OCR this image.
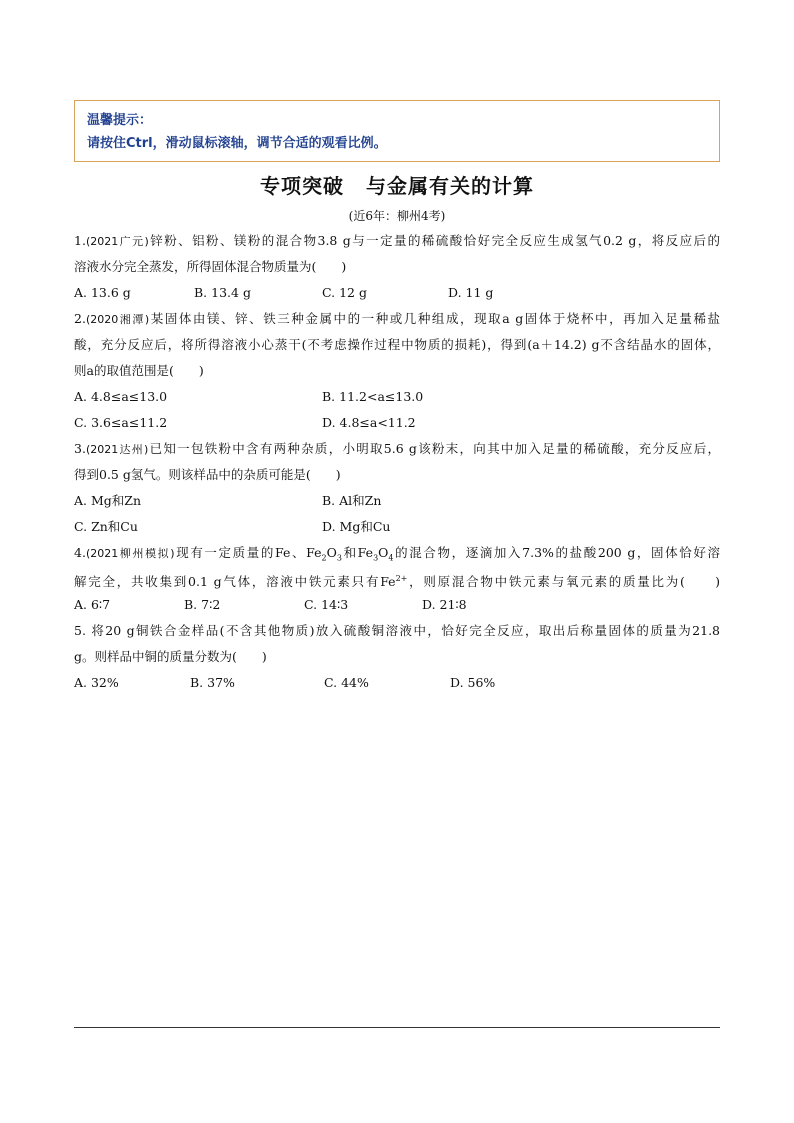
温馨提示：
请按住Ctrl，滑动鼠标滚轴，调节合适的观看比例。
专项突破 与金属有关的计算
(近6年：柳州4考)
1.(2021广元)锌粉、铝粉、镁粉的混合物3.8 g与一定量的稀硫酸恰好完全反应生成氢气0.2 g，将反应后的
溶液水分完全蒸发，所得固体混合物质量为(　　)
A. 13.6 g	B. 13.4 g	C. 12 g	D. 11 g
2.(2020湘潭)某固体由镁、锌、铁三种金属中的一种或几种组成，现取a g固体于烧杯中，再加入足量稀盐
酸，充分反应后，将所得溶液小心蒸干(不考虑操作过程中物质的损耗)，得到(a＋14.2) g不含结晶水的固体，
则a的取值范围是(　　)
A. 4.8≤a≤13.0	B. 11.2<a≤13.0
C. 3.6≤a≤11.2	D. 4.8≤a<11.2
3.(2021达州)已知一包铁粉中含有两种杂质，小明取5.6 g该粉末，向其中加入足量的稀硫酸，充分反应后，
得到0.5 g氢气。则该样品中的杂质可能是(　　)
A. Mg和Zn	B. Al和Zn
C. Zn和Cu	D. Mg和Cu
4.(2021柳州模拟)现有一定质量的Fe、$Fe_2O_3$和$Fe_3O_4$的混合物，逐滴加入7.3%的盐酸200 g，固体恰好溶
解完全，共收集到0.1 g气体，溶液中铁元素只有$Fe^{2+}$，则原混合物中铁元素与氧元素的质量比为(　　)
A. 6∶7	B. 7∶2	C. 14∶3	D. 21∶8
5. 将20 g铜铁合金样品(不含其他物质)放入硫酸铜溶液中，恰好完全反应，取出后称量固体的质量为21.8
g。则样品中铜的质量分数为(　　)
A. 32%	B. 37%	C. 44%	D. 56%
